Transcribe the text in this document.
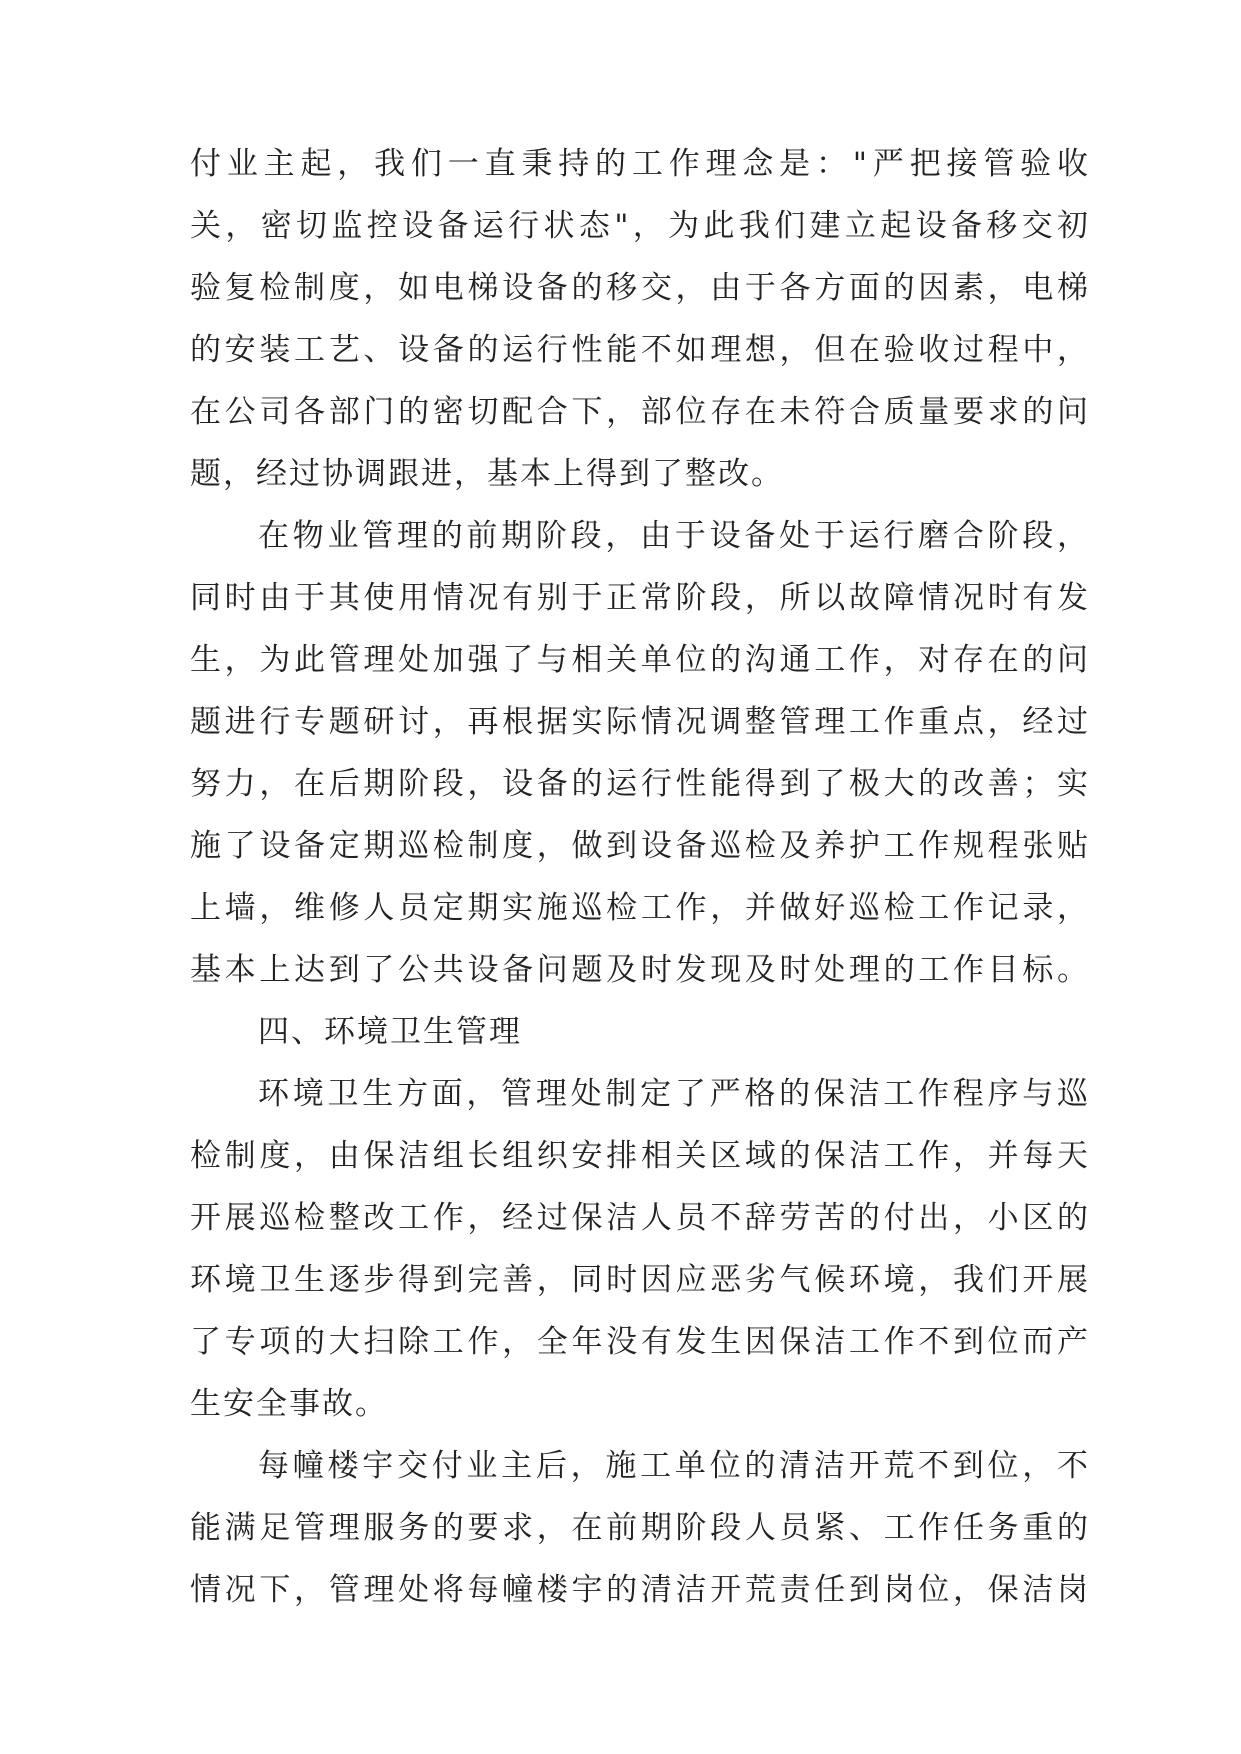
付业主起，我们一直秉持的工作理念是："严把接管验收
关，密切监控设备运行状态"，为此我们建立起设备移交初
验复检制度，如电梯设备的移交，由于各方面的因素，电梯
的安装工艺、设备的运行性能不如理想，但在验收过程中，
在公司各部门的密切配合下，部位存在未符合质量要求的问
题，经过协调跟进，基本上得到了整改。
在物业管理的前期阶段，由于设备处于运行磨合阶段，
同时由于其使用情况有别于正常阶段，所以故障情况时有发
生，为此管理处加强了与相关单位的沟通工作，对存在的问
题进行专题研讨，再根据实际情况调整管理工作重点，经过
努力，在后期阶段，设备的运行性能得到了极大的改善；实
施了设备定期巡检制度，做到设备巡检及养护工作规程张贴
上墙，维修人员定期实施巡检工作，并做好巡检工作记录，
基本上达到了公共设备问题及时发现及时处理的工作目标。
四、环境卫生管理
环境卫生方面，管理处制定了严格的保洁工作程序与巡
检制度，由保洁组长组织安排相关区域的保洁工作，并每天
开展巡检整改工作，经过保洁人员不辞劳苦的付出，小区的
环境卫生逐步得到完善，同时因应恶劣气候环境，我们开展
了专项的大扫除工作，全年没有发生因保洁工作不到位而产
生安全事故。
每幢楼宇交付业主后，施工单位的清洁开荒不到位，不
能满足管理服务的要求，在前期阶段人员紧、工作任务重的
情况下，管理处将每幢楼宇的清洁开荒责任到岗位，保洁岗
